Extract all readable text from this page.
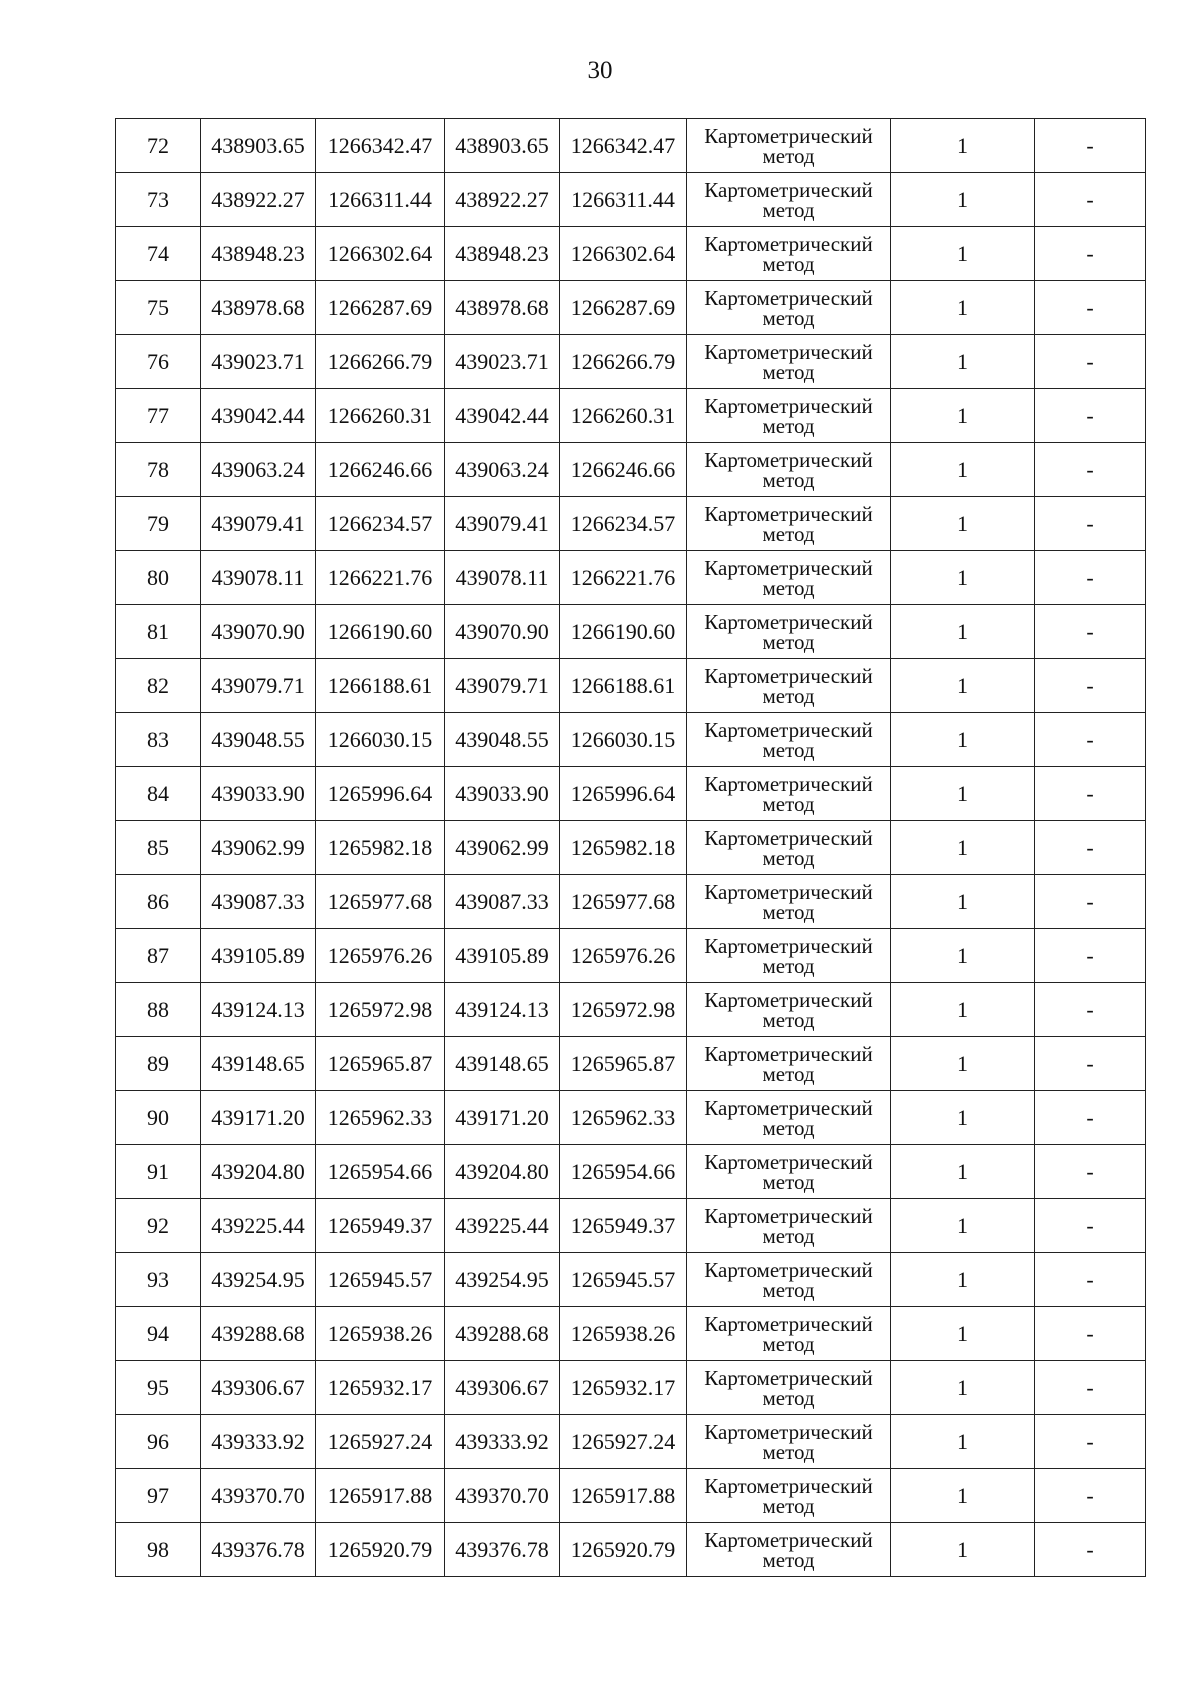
30
72	438903.65	1266342.47	438903.65	1266342.47	Картометрический
метод	1	-
73	438922.27	1266311.44	438922.27	1266311.44	Картометрический
метод	1	-
74	438948.23	1266302.64	438948.23	1266302.64	Картометрический
метод	1	-
75	438978.68	1266287.69	438978.68	1266287.69	Картометрический
метод	1	-
76	439023.71	1266266.79	439023.71	1266266.79	Картометрический
метод	1	-
77	439042.44	1266260.31	439042.44	1266260.31	Картометрический
метод	1	-
78	439063.24	1266246.66	439063.24	1266246.66	Картометрический
метод	1	-
79	439079.41	1266234.57	439079.41	1266234.57	Картометрический
метод	1	-
80	439078.11	1266221.76	439078.11	1266221.76	Картометрический
метод	1	-
81	439070.90	1266190.60	439070.90	1266190.60	Картометрический
метод	1	-
82	439079.71	1266188.61	439079.71	1266188.61	Картометрический
метод	1	-
83	439048.55	1266030.15	439048.55	1266030.15	Картометрический
метод	1	-
84	439033.90	1265996.64	439033.90	1265996.64	Картометрический
метод	1	-
85	439062.99	1265982.18	439062.99	1265982.18	Картометрический
метод	1	-
86	439087.33	1265977.68	439087.33	1265977.68	Картометрический
метод	1	-
87	439105.89	1265976.26	439105.89	1265976.26	Картометрический
метод	1	-
88	439124.13	1265972.98	439124.13	1265972.98	Картометрический
метод	1	-
89	439148.65	1265965.87	439148.65	1265965.87	Картометрический
метод	1	-
90	439171.20	1265962.33	439171.20	1265962.33	Картометрический
метод	1	-
91	439204.80	1265954.66	439204.80	1265954.66	Картометрический
метод	1	-
92	439225.44	1265949.37	439225.44	1265949.37	Картометрический
метод	1	-
93	439254.95	1265945.57	439254.95	1265945.57	Картометрический
метод	1	-
94	439288.68	1265938.26	439288.68	1265938.26	Картометрический
метод	1	-
95	439306.67	1265932.17	439306.67	1265932.17	Картометрический
метод	1	-
96	439333.92	1265927.24	439333.92	1265927.24	Картометрический
метод	1	-
97	439370.70	1265917.88	439370.70	1265917.88	Картометрический
метод	1	-
98	439376.78	1265920.79	439376.78	1265920.79	Картометрический
метод	1	-
